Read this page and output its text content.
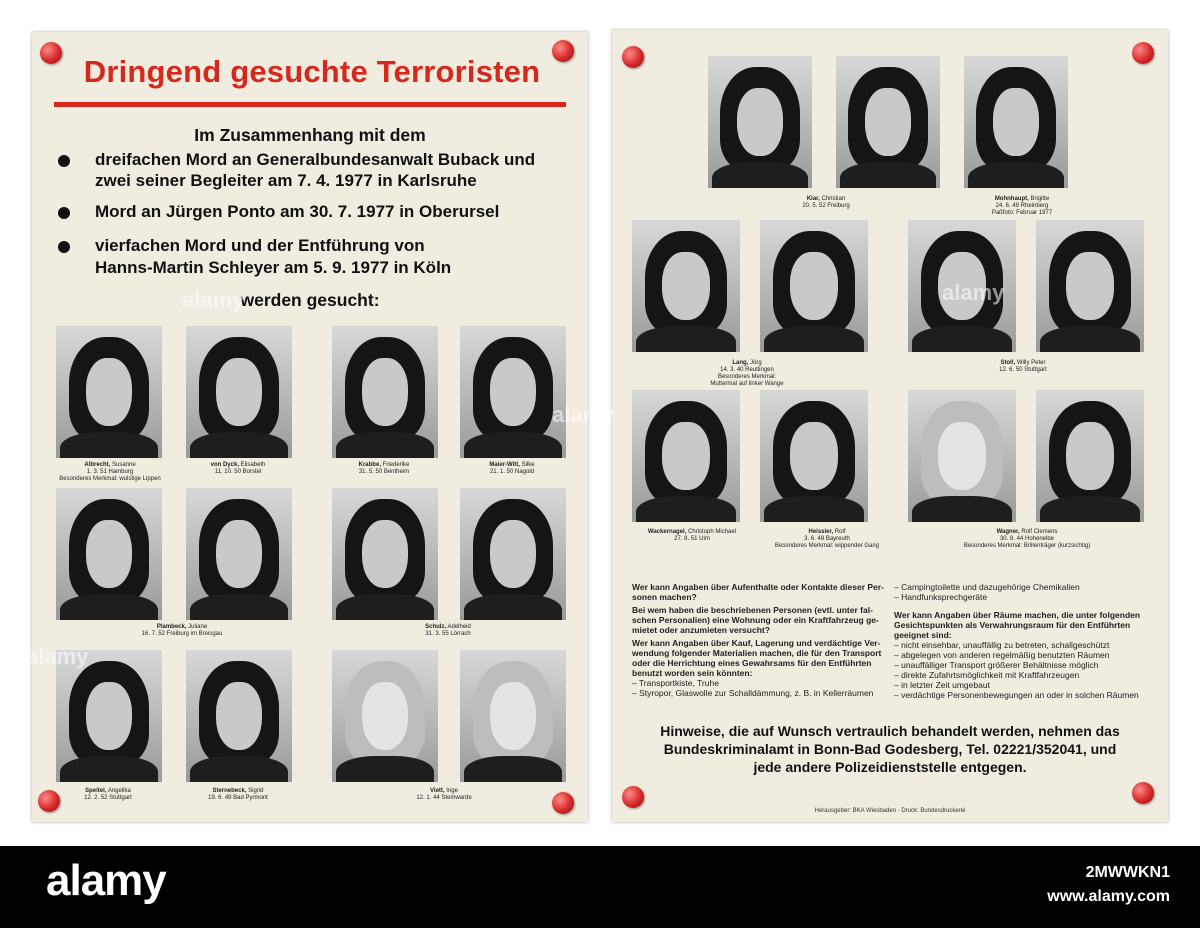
Dringend gesuchte Terroristen
Im Zusammenhang mit dem
dreifachen Mord an Generalbundesanwalt Buback und
zwei seiner Begleiter am 7. 4. 1977 in Karlsruhe
Mord an Jürgen Ponto am 30. 7. 1977 in Oberursel
vierfachen Mord und der Entführung von
Hanns-Martin Schleyer am 5. 9. 1977 in Köln
werden gesucht:
Albrecht, Susanne
1. 3. 51 Hamburg
Besonderes Merkmal: wulstige Lippen
von Dyck, Elisabeth
11. 10. 50 Borstel
Krabbe, Friederike
31. 5. 50 Bentheim
Maier-Witt, Silke
21. 1. 50 Nagold
Plambeck, Juliane
16. 7. 52 Freiburg im Breisgau
Schulz, Adelheid
31. 3. 55 Lörrach
Speitel, Angelika
12. 2. 52 Stuttgart
Sternebeck, Sigrid
19. 6. 49 Bad Pyrmont
Viett, Inge
12. 1. 44 Stemwarde
alamy
alamy
Klar, Christian
20. 5. 52 Freiburg
Mohnhaupt, Brigitte
24. 6. 49 Rheinberg
Paßfoto: Februar 1977
Lang, Jörg
14. 3. 40 Reutlingen
Besonderes Merkmal:
Muttermal auf linker Wange
Stoll, Willy Peter
12. 6. 50 Stuttgart
Wackernagel, Christoph Michael
27. 8. 51 Ulm
Heissler, Rolf
3. 6. 48 Bayreuth
Besonderes Merkmal: wippender Gang
Wagner, Rolf Clemens
30. 8. 44 Hohenelbe
Besonderes Merkmal: Brillenträger (kurzsichtig)
Wer kann Angaben über Aufenthalte oder Kontakte dieser Per-
sonen machen?
Bei wem haben die beschriebenen Personen (evtl. unter fal-
schen Personalien) eine Wohnung oder ein Kraftfahrzeug ge-
mietet oder anzumieten versucht?
Wer kann Angaben über Kauf, Lagerung und verdächtige Ver-
wendung folgender Materialien machen, die für den Transport
oder die Herrichtung eines Gewahrsams für den Entführten
benutzt worden sein könnten:
– Transportkiste, Truhe
– Styropor, Glaswolle zur Schalldämmung, z. B. in Kellerräumen
– Campingtoilette und dazugehörige Chemikalien
– Handfunksprechgeräte
Wer kann Angaben über Räume machen, die unter folgenden
Gesichtspunkten als Verwahrungsraum für den Entführten
geeignet sind:
– nicht einsehbar, unauffällig zu betreten, schallgeschützt
– abgelegen von anderen regelmäßig benutzten Räumen
– unauffälliger Transport größerer Behältnisse möglich
– direkte Zufahrtsmöglichkeit mit Kraftfahrzeugen
– in letzter Zeit umgebaut
– verdächtige Personenbewegungen an oder in solchen Räumen
Hinweise, die auf Wunsch vertraulich behandelt werden, nehmen das
Bundeskriminalamt in Bonn-Bad Godesberg, Tel. 02221/352041, und
jede andere Polizeidienststelle entgegen.
Herausgeber: BKA Wiesbaden · Druck: Bundesdruckerei
alamy
alamy
alamy	2MWWKN1
www.alamy.com
